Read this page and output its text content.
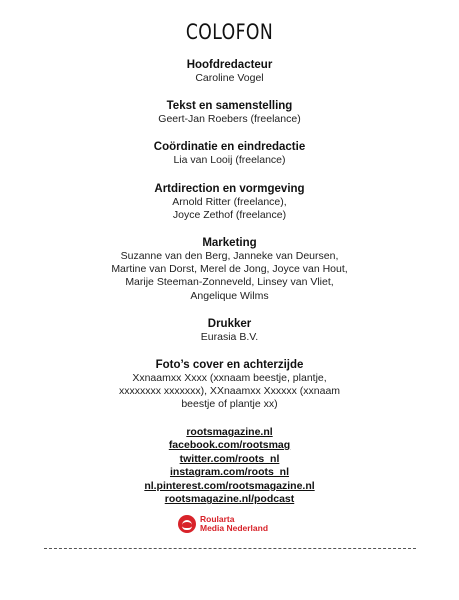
COLOFON
Hoofdredacteur
Caroline Vogel
Tekst en samenstelling
Geert-Jan Roebers (freelance)
Coördinatie en eindredactie
Lia van Looij (freelance)
Artdirection en vormgeving
Arnold Ritter (freelance),
Joyce Zethof (freelance)
Marketing
Suzanne van den Berg, Janneke van Deursen,
Martine van Dorst, Merel de Jong, Joyce van Hout,
Marije Steeman-Zonneveld, Linsey van Vliet,
Angelique Wilms
Drukker
Eurasia B.V.
Foto’s cover en achterzijde
Xxnaamxx Xxxx (xxnaam beestje, plantje,
xxxxxxxx xxxxxxx), XXnaamxx Xxxxxx (xxnaam
beestje of plantje xx)
rootsmagazine.nl
facebook.com/rootsmag
twitter.com/roots_nl
instagram.com/roots_nl
nl.pinterest.com/rootsmagazine.nl
rootsmagazine.nl/podcast
Roularta
Media Nederland
